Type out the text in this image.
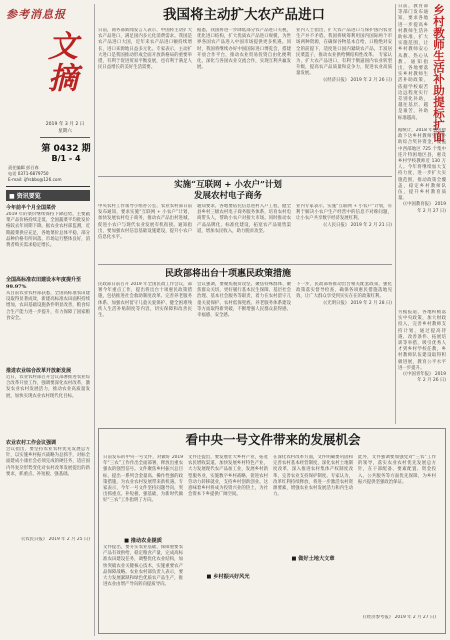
参考消息报
文摘
2019 年 3 月 2 日
星期六
第 0432 期
B/1 - 4
责任编辑 彭召春
电话 0371-6879750
E-mail: ijfrsbbs@126.com
■ 资讯要览
今年前半个月全国菜价
2019 年的菜价继续保持下降趋势，主要蔬菜产品价格持续走低，全国蔬菜平均批发价格较去年同期下降。据农业农村部监测，近期蔬菜供应充足，各地菜价总体平稳，部分品种价格有所回落，市场运行整体良好，消费者购买需求稳定增长。
全国高标准农田建设本年度提升至 99.97%
从目前农业农村部获悉，全国高标准农田建设取得显著成效，新建高标准农田面积持续增加，农田基础设施条件明显改善，粮食综合生产能力进一步提升，有力保障了国家粮食安全。
推进农业综合改革开放新发展
近日，农业农村部召开会议部署推进农业综合改革开放工作，强调要深化农村改革，激发农业农村发展活力，推动农业高质量发展，加快实现农业农村现代化目标。
农业农村工作会议强调
会议指出，要坚持农业农村优先发展总方针，以实施乡村振兴战略为总抓手，对标全面建成小康社会必须完成的硬任务，适应国内外复杂形势变化对农村改革发展提出的新要求，抓重点、补短板、强基础。
(《农民日报》 2019 年 2 月 25 日)
我国将主动扩大农产品进口
日前，商务部新闻发言人表示，中国将主动扩大农产品进口，满足国内多元化消费需求。我国是农产品进口大国，近年来农产品进口额持续增长，进口来源地日益多元化。专家表示，主动扩大进口是我国推动形成全面开放新格局的重要举措，有利于促进贸易平衡发展，也有利于满足人民日益增长的美好生活需要。
据悉，我国将进一步降低部分农产品进口关税，优化进口结构，扩大优质农产品进口规模，为世界各国农产品进入中国市场提供更多机遇。同时，我国将继续办好中国国际进口博览会，搭建开放合作平台，推动农业贸易投资自由化便利化，深化与各国农业交流合作，实现互利共赢发展。
业内人士指出，扩大农产品进口与保护国内农业生产并不矛盾。我国将统筹利用国内国际两个市场两种资源，在确保谷物基本自给、口粮绝对安全的前提下，适度进口国内紧缺农产品，丰富居民菜篮子，推动农业供给侧结构性改革。 专家认为，扩大农产品进口，有利于倒逼国内农业转型升级，提高农产品质量和竞争力，促进农业高质量发展。
(《经济日报》 2019 年 2 月 26 日)	乡村教师生活补助提标扩面
日前，教育部等部门发布通知，要求各地进一步提高乡村教师生活补助标准，扩大实施范围，让乡村教师安心从教、热心从教。通知指出，各地要落实乡村教师生活补助政策，依据学校艰苦边远程度实行差别化补助，越往基层、越是艰苦，补助标准越高。
据统计，2018 年中央财政下达乡村教师生活补助综合奖补资金，覆盖中西部地区 725 个集中连片特困地区县，惠及乡村学校教师近 130 万人。今年将继续加大支持力度，进一步扩大实施范围，推动政策全覆盖，稳定乡村教师队伍，提升乡村教育质量。
(《中国教育报》 2019 年 2 月 27 日)
另据报道，各地积极落实中央政策，加大财政投入，完善乡村教师支持计划，通过提高待遇、改善条件、拓展培训等举措，吸引优秀人才到乡村学校任教，乡村教师队伍建设取得积极进展，教育公平水平进一步提升。
(《中国青年报》 2019 年 2 月 26 日)
实施“互联网 + 小农户”计划
发展农村电子商务
中央农村工作领导小组办公室、农业农村部日前发布通知，要求实施“互联网 + 小农户”计划，加快发展农村电子商务，推动农产品出村进城，促进小农户与现代农业发展有机衔接。通知指出，要加强农村信息基础设施建设，提升小农户信息化水平。
通知要求，各地要依托信息进村入户工程，健全县乡村三级农村电子商务服务体系，培育农村电商带头人，帮助小农户对接大市场。同时推动农产品品牌化、标准化建设，拓宽农产品销售渠道，增加农民收入，助力脱贫攻坚。
业内专家表示，实施“互联网 + 小农户”计划，有利于解决小农户生产经营中的信息不对称问题，让小农户共享数字经济发展红利。
(《人民日报》 2019 年 2 月 21 日)
民政部将出台十项惠民政策措施
民政部日前召开 2019 年全国民政工作会议，部署今年重点工作，提出将出台十项惠民政策措施，包括推进社会救助制度改革、完善养老服务体系、加强农村留守儿童关爱保护、健全困难残疾人生活补贴制度等内容，切实保障和改善民生。
会议强调，要聚焦脱贫攻坚、聚焦特殊群体、聚焦群众关切，更好履行基本民生保障、基层社会治理、基本社会服务等职责，着力在农村留守儿童关爱保护、农村低保兜底、养老服务体系建设等方面取得新突破，不断增强人民群众获得感、幸福感、安全感。
下一步，民政部将推动出台相关配套政策，强化政策落实督导检查，确保各项惠民措施落地见效，让广大群众享受到实实在在的政策红利。
(《光明日报》 2019 年 2 月 28 日)
看中央一号文件带来的发展机会
日前发布的中央一号文件，对做好 2019 年“三农”工作作出全面部署，释放出重农强农的强烈信号。文件聚焦乡村振兴总目标，提出一系列含金量高、操作性强的政策措施，为农业农村发展带来新机遇。专家表示，今年一号文件坚持问题导向，突出抓重点、补短板、强基础，为新时代做好“三农”工作指明了方向。
■ 推动农业提质
文件提出，要夯实农业基础，保障重要农产品有效供给，稳定粮食产量，完成高标准农田建设任务，调整优化农业结构，加快突破农业关键核心技术，实施重要农产品保障战略。农业农村部负责人表示，要大力发展紧缺和绿色优质农产品生产，推进农业由增产导向转向提质导向。
文件还提出，要发展壮大乡村产业，拓宽农民增收渠道。加快发展乡村特色产业，大力发展现代农产品加工业，发展乡村新型服务业，实施数字乡村战略，促进农村劳动力转移就业，支持乡村创新创业。这意味着乡村将成为投资兴业的热土，为社会资本下乡提供广阔空间。
■ 乡村振兴好风光
在深化农村改革方面，文件明确要巩固和完善农村基本经营制度，深化农村土地制度改革，深入推进农村集体产权制度改革，完善农业支持保护制度。专家认为，改革红利持续释放，将进一步激活农村资源要素，增强农业农村发展活力和内生动力。
■ 做好土地大文章
此外，文件强调要加强党对“三农”工作的领导，落实农业农村优先发展总方针，在干部配备、要素配置、资金投入、公共服务等方面优先保障，为乡村振兴提供坚强政治保证。
(《经济参考报》 2019 年 2 月 27 日)
